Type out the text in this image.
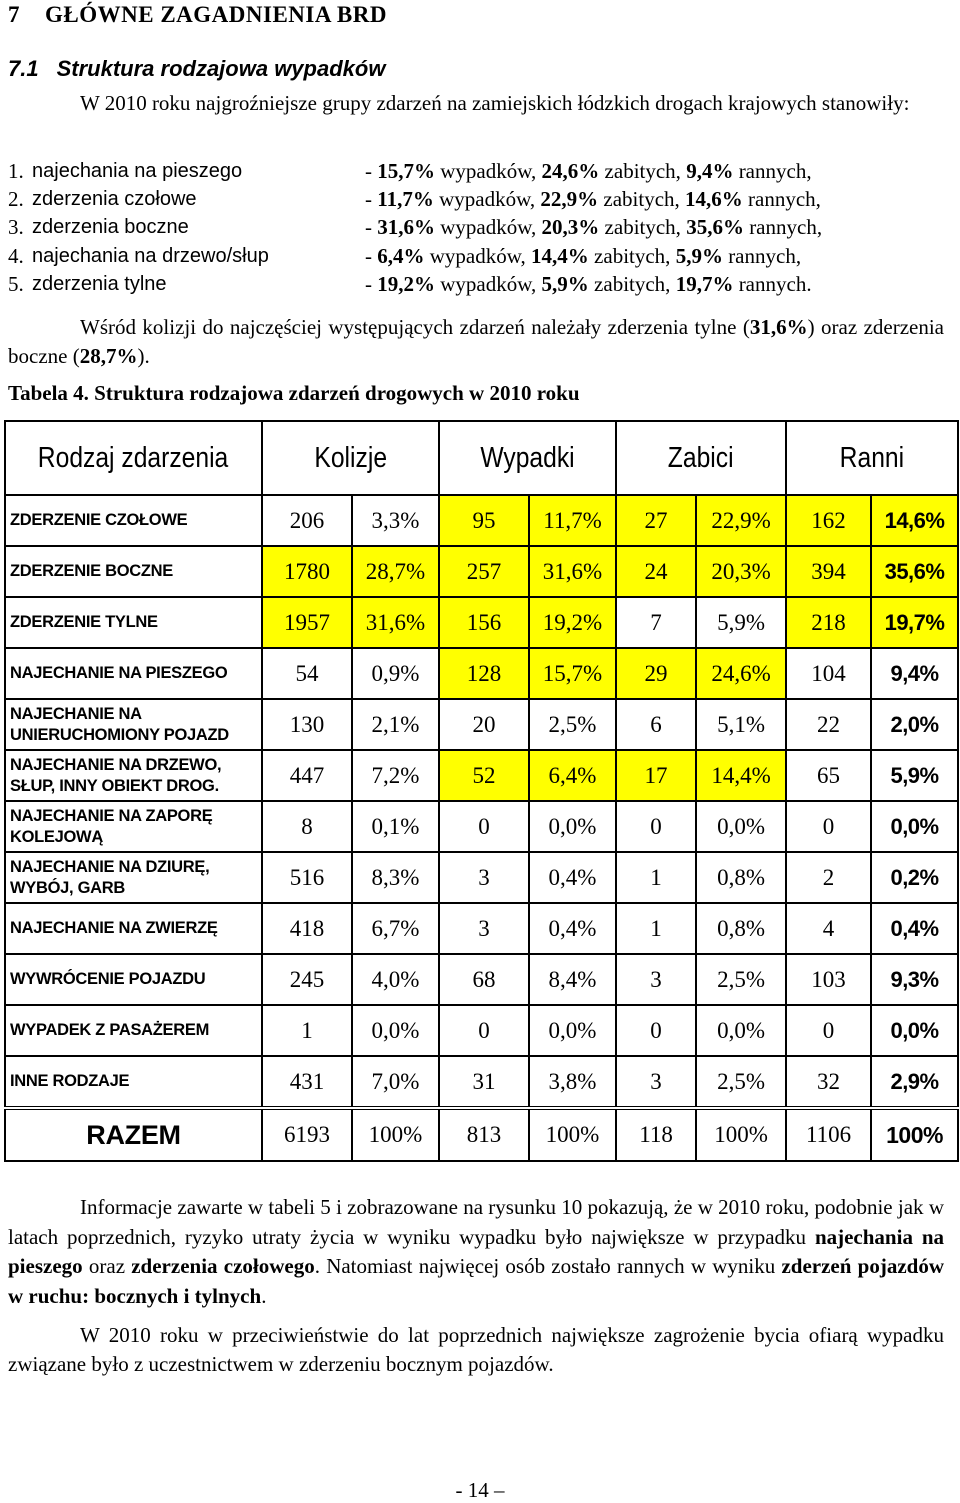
7 GŁÓWNE ZAGADNIENIA BRD
7.1 Struktura rodzajowa wypadków
W 2010 roku najgroźniejsze grupy zdarzeń na zamiejskich łódzkich drogach krajowych stanowiły:
1. najechania na pieszego	- 15,7% wypadków, 24,6% zabitych, 9,4% rannych,
2. zderzenia czołowe	- 11,7% wypadków, 22,9% zabitych, 14,6% rannych,
3. zderzenia boczne	- 31,6% wypadków, 20,3% zabitych, 35,6% rannych,
4. najechania na drzewo/słup	- 6,4% wypadków, 14,4% zabitych, 5,9% rannych,
5. zderzenia tylne	- 19,2% wypadków, 5,9% zabitych, 19,7% rannych.
Wśród kolizji do najczęściej występujących zdarzeń należały zderzenia tylne (31,6%) oraz zderzenia boczne (28,7%).
Tabela 4. Struktura rodzajowa zdarzeń drogowych w 2010 roku
Rodzaj zdarzenia	Kolizje		Wypadki		Zabici		Ranni	
ZDERZENIE CZOŁOWE	206	3,3%	95	11,7%	27	22,9%	162	14,6%
ZDERZENIE BOCZNE	1780	28,7%	257	31,6%	24	20,3%	394	35,6%
ZDERZENIE TYLNE	1957	31,6%	156	19,2%	7	5,9%	218	19,7%
NAJECHANIE NA PIESZEGO	54	0,9%	128	15,7%	29	24,6%	104	9,4%
NAJECHANIE NA UNIERUCHOMIONY POJAZD	130	2,1%	20	2,5%	6	5,1%	22	2,0%
NAJECHANIE NA DRZEWO, SŁUP, INNY OBIEKT DROG.	447	7,2%	52	6,4%	17	14,4%	65	5,9%
NAJECHANIE NA ZAPORĘ KOLEJOWĄ	8	0,1%	0	0,0%	0	0,0%	0	0,0%
NAJECHANIE NA DZIURĘ, WYBÓJ, GARB	516	8,3%	3	0,4%	1	0,8%	2	0,2%
NAJECHANIE NA ZWIERZĘ	418	6,7%	3	0,4%	1	0,8%	4	0,4%
WYWRÓCENIE POJAZDU	245	4,0%	68	8,4%	3	2,5%	103	9,3%
WYPADEK Z PASAŻEREM	1	0,0%	0	0,0%	0	0,0%	0	0,0%
INNE RODZAJE	431	7,0%	31	3,8%	3	2,5%	32	2,9%
RAZEM	6193	100%	813	100%	118	100%	1106	100%
Informacje zawarte w tabeli 5 i zobrazowane na rysunku 10 pokazują, że w 2010 roku, podobnie jak w latach poprzednich, ryzyko utraty życia w wyniku wypadku było największe w przypadku najechania na pieszego oraz zderzenia czołowego. Natomiast najwięcej osób zostało rannych w wyniku zderzeń pojazdów w ruchu: bocznych i tylnych.
W 2010 roku w przeciwieństwie do lat poprzednich największe zagrożenie bycia ofiarą wypadku związane było z uczestnictwem w zderzeniu bocznym pojazdów.
- 14 –
